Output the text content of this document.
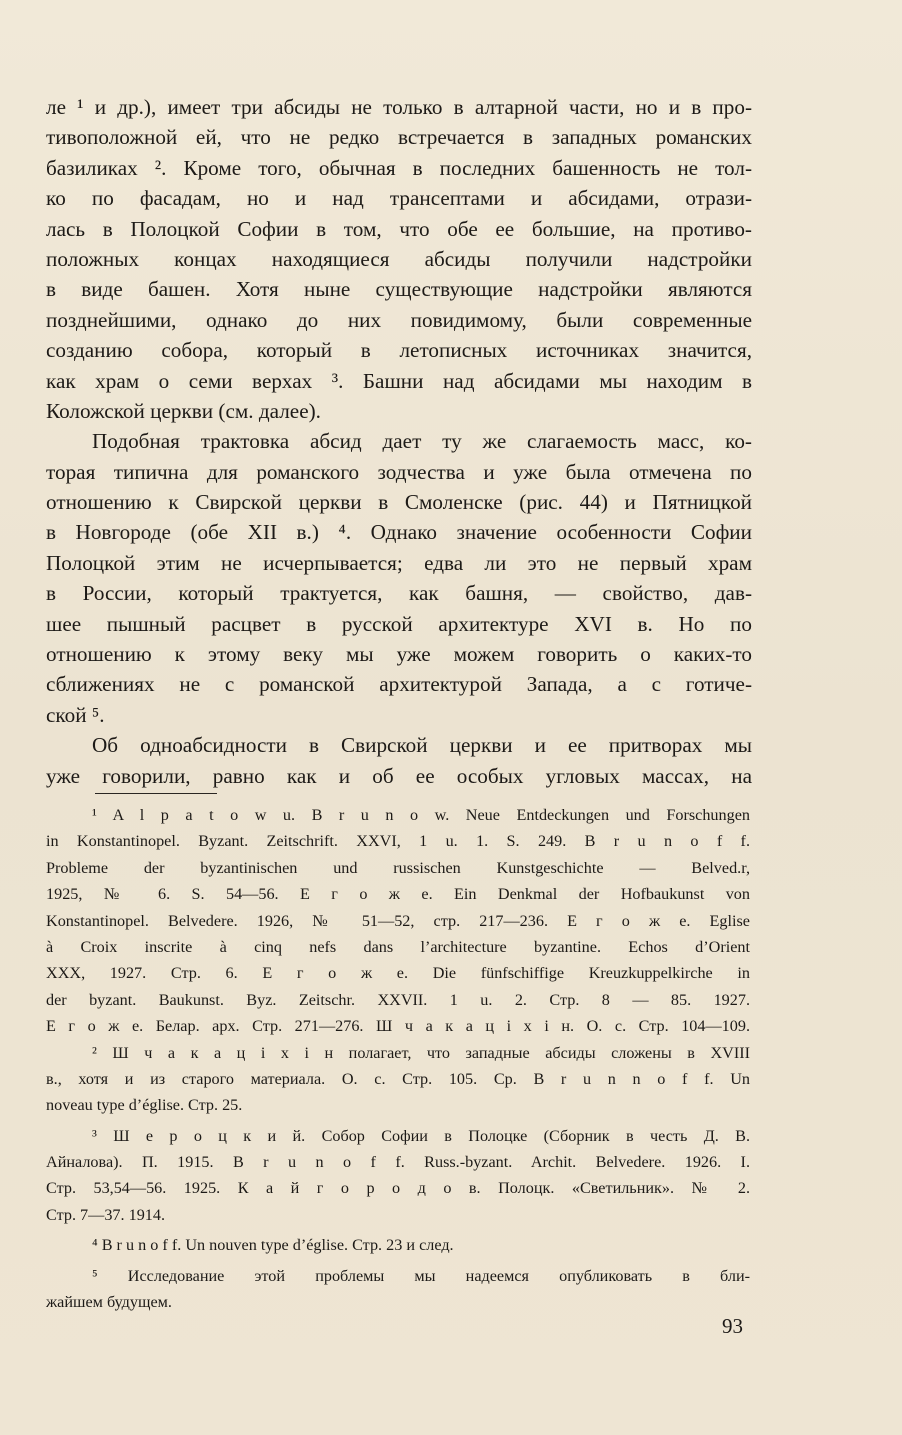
ле ¹ и др.), имеет три абсиды не только в алтарной части, но и в про-
тивоположной ей, что не редко встречается в западных романских
базиликах ². Кроме того, обычная в последних башенность не тол-
ко по фасадам, но и над трансептами и абсидами, отрази-
лась в Полоцкой Софии в том, что обе ее большие, на противо-
положных концах находящиеся абсиды получили надстройки
в виде башен. Хотя ныне существующие надстройки являются
позднейшими, однако до них повидимому, были современные
созданию собора, который в летописных источниках значится,
как храм о семи верхах ³. Башни над абсидами мы находим в
Коложской церкви (см. далее).
Подобная трактовка абсид дает ту же слагаемость масс, ко-
торая типична для романского зодчества и уже была отмечена по
отношению к Свирской церкви в Смоленске (рис. 44) и Пятницкой
в Новгороде (обе XII в.) ⁴. Однако значение особенности Софии
Полоцкой этим не исчерпывается; едва ли это не первый храм
в России, который трактуется, как башня, — свойство, дав-
шее пышный расцвет в русской архитектуре XVI в. Но по
отношению к этому веку мы уже можем говорить о каких-то
сближениях не с романской архитектурой Запада, а с готиче-
ской ⁵.
Об одноабсидности в Свирской церкви и ее притворах мы
уже говорили, равно как и об ее особых угловых массах, на
¹ A l p a t o w u. B r u n o w. Neue Entdeckungen und Forschungen
in Konstantinopel. Byzant. Zeitschrift. XXVI, 1 u. 1. S. 249. B r u n o f f.
Probleme der byzantinischen und russischen Kunstgeschichte — Belved.r,
1925, № 6. S. 54—56. E г о ж е. Ein Denkmal der Hofbaukunst von
Konstantinopel. Belvedere. 1926, № 51—52, стр. 217—236. E г о ж е. Eglise
à Croix inscrite à cinq nefs dans l’architecture byzantine. Echos d’Orient
XXX, 1927. Стр. 6. E г о ж е. Die fünfschiffige Kreuzkuppelkirche in
der byzant. Baukunst. Byz. Zeitschr. XXVII. 1 u. 2. Стр. 8 — 85. 1927.
E г о ж е. Белар. арх. Стр. 271—276. Ш ч а к а ц і х і н. О. с. Стр. 104—109.
² Ш ч а к а ц і х і н полагает, что западные абсиды сложены в XVIII
в., хотя и из старого материала. О. с. Стр. 105. Ср. B r u n n o f f. Un
noveau type d’église. Стр. 25.
³ Ш е р о ц к и й. Собор Софии в Полоцке (Сборник в честь Д. В.
Айналова). П. 1915. B r u n o f f. Russ.-byzant. Archit. Belvedere. 1926. I.
Стр. 53,54—56. 1925. К а й г о р о д о в. Полоцк. «Светильник». № 2.
Стр. 7—37. 1914.
⁴ B r u n o f f. Un nouven type d’église. Стр. 23 и след.
⁵ Исследование этой проблемы мы надеемся опубликовать в бли-
жайшем будущем.
93
